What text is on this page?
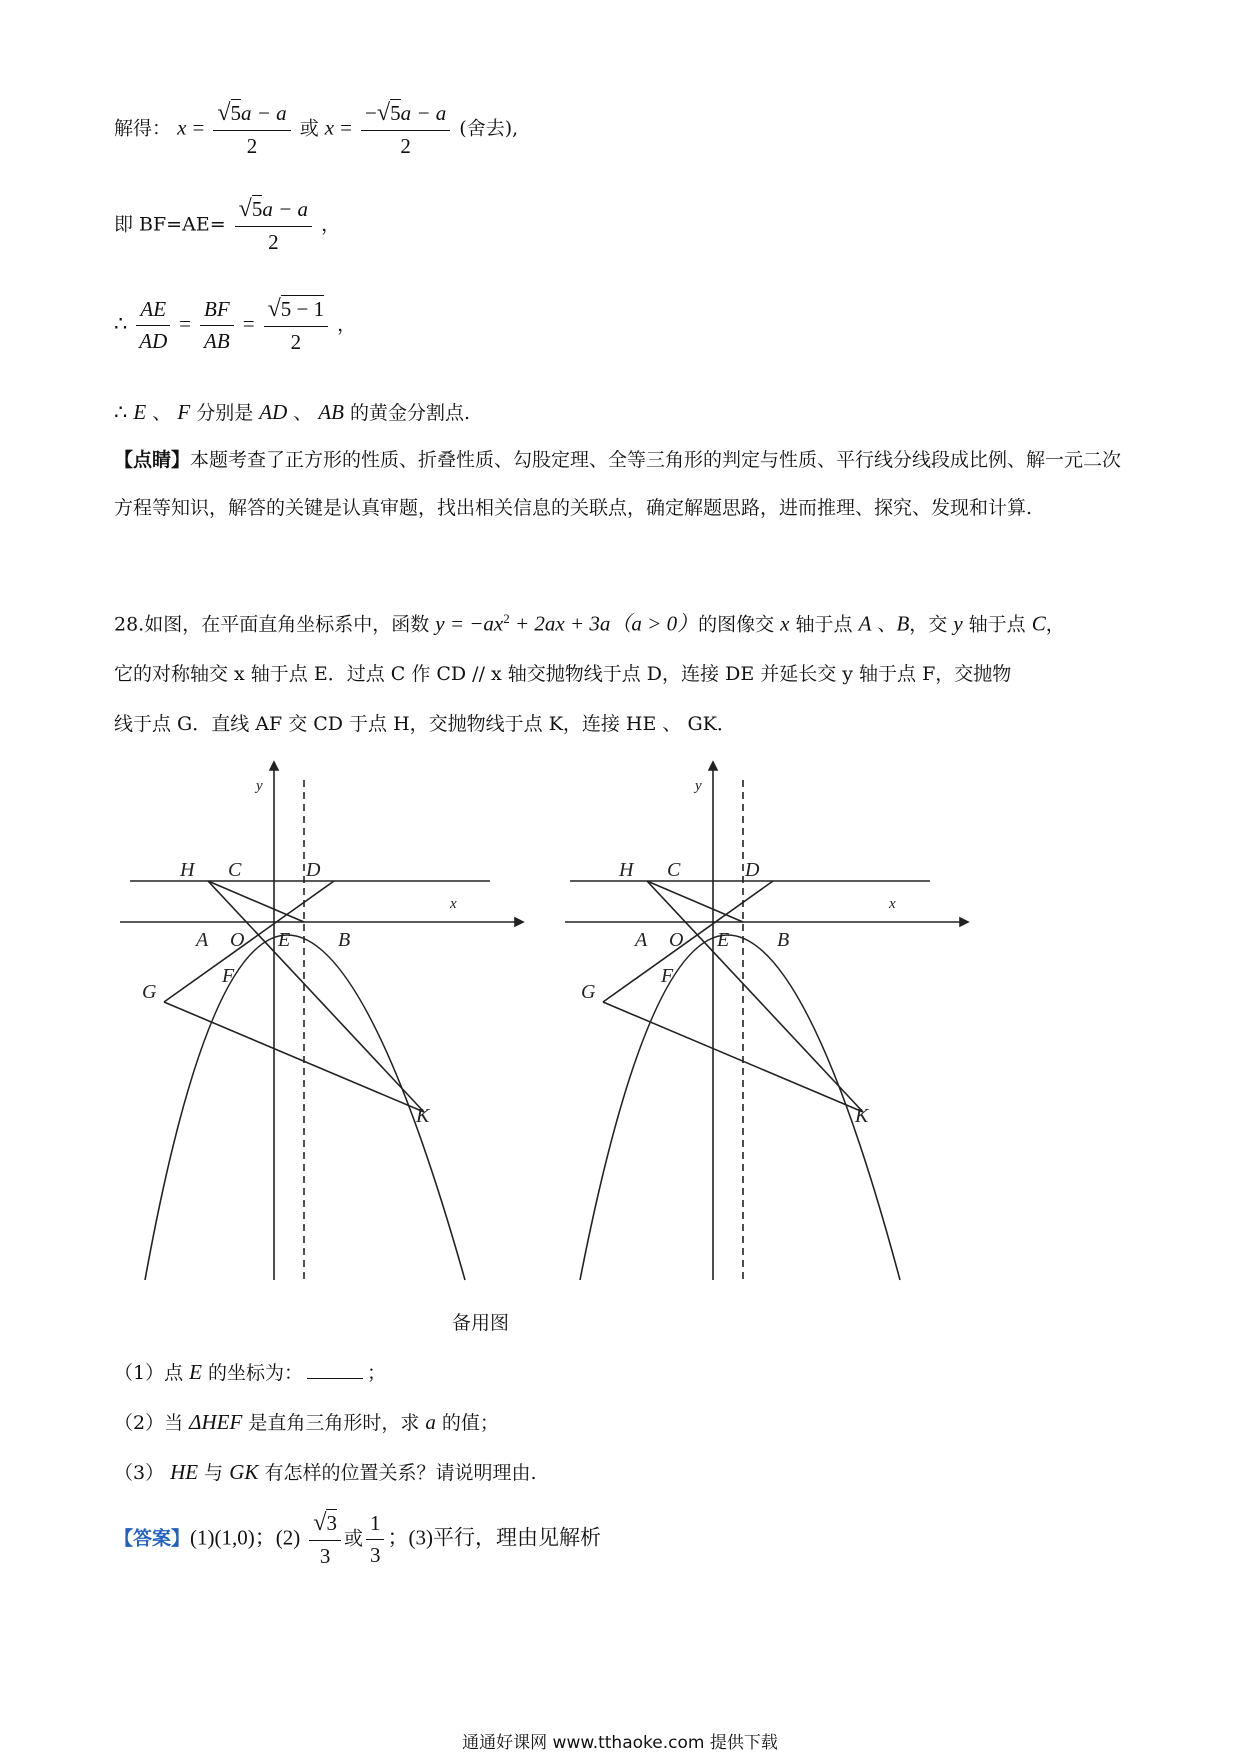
解得： $x = \frac{√5a - a}{2}$ 或 $x = \frac{-√5a - a}{2}$ (舍去),
即 $BF=AE= \frac{√5a - a}{2}$ ，
∴ $\frac{AE}{AD} = \frac{BF}{AB} = \frac{√5 - 1}{2}$ ，
∴ E 、 F 分别是 AD 、 AB 的黄金分割点.
【点睛】本题考查了正方形的性质、折叠性质、勾股定理、全等三角形的判定与性质、平行线分线段成比例、解一元二次方程等知识，解答的关键是认真审题，找出相关信息的关联点，确定解题思路，进而推理、探究、发现和计算.
28.如图，在平面直角坐标系中，函数 $y = -ax^2 + 2ax + 3a(a > 0)$的图像交 x 轴于点 A 、B，交 y 轴于点 C，
它的对称轴交 x 轴于点 E．过点 C 作 CD // x 轴交抛物线于点 D，连接 DE 并延长交 y 轴于点 F，交抛物
线于点 G．直线 AF 交 CD 于点 H，交抛物线于点 K，连接 HE 、 GK．
H C	D
A O E B
F
G
K
x
y
H C	D
A O E B
F
G
K
x
y
备用图
（1）点 E 的坐标为：	；
（2）当 ΔHEF 是直角三角形时，求 a 的值；
（3） HE 与 GK 有怎样的位置关系？请说明理由.
【答案】(1)(1,0)；$(2) \frac{√3}{3}$ 或 $\frac{1}{3}$ ；(3)平行，理由见解析
通通好课网 www.tthaoke.com 提供下载
